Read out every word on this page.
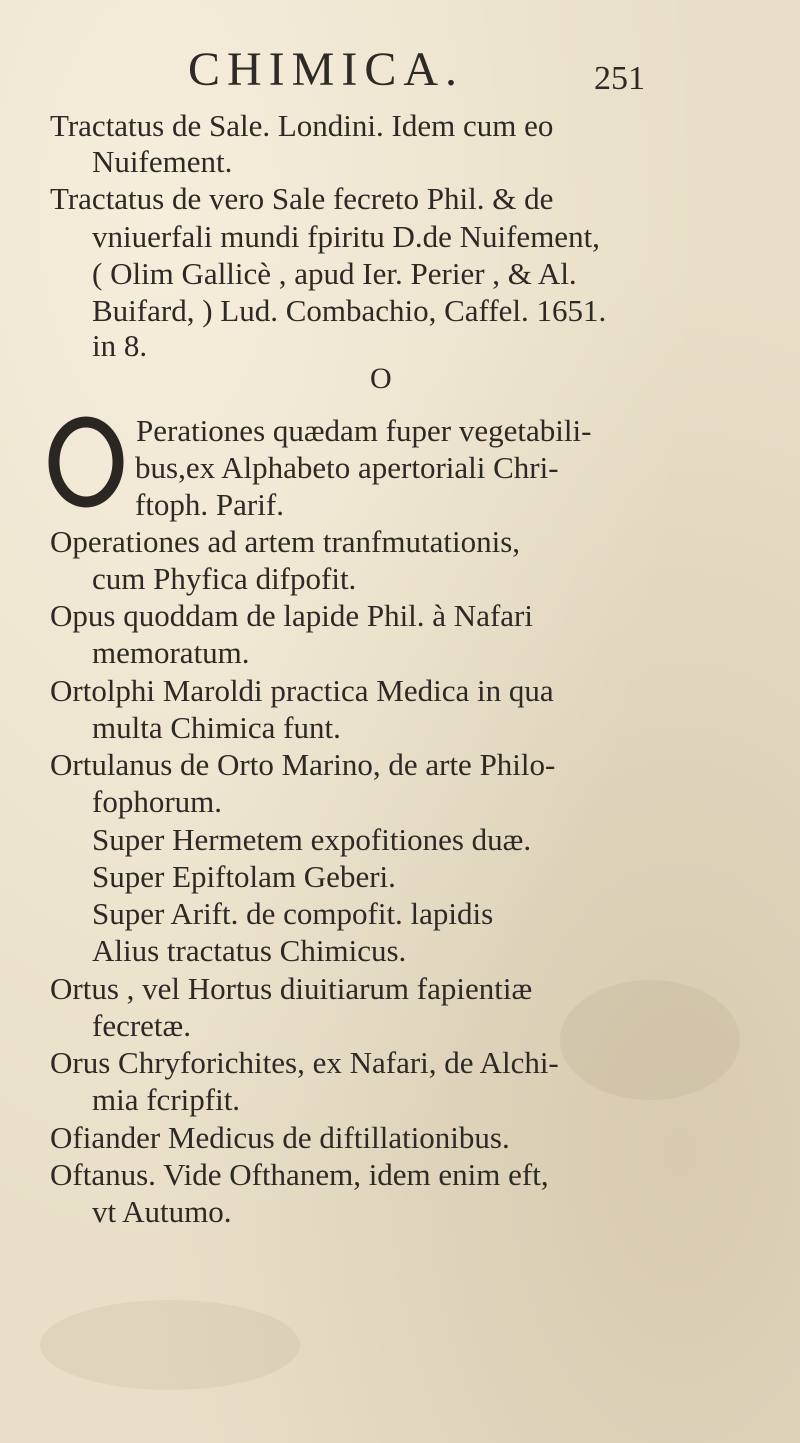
CHIMICA.	251
Tractatus de Sale. Londini. Idem cum eo
Nuifement.
Tractatus de vero Sale fecreto Phil. & de
vniuerfali mundi fpiritu D.de Nuifement,
( Olim Gallicè , apud Ier. Perier , & Al.
Buifard, ) Lud. Combachio, Caffel. 1651.
in 8.
O
Perationes quædam fuper vegetabili-
bus,ex Alphabeto apertoriali Chri-
ftoph. Parif.
Operationes ad artem tranfmutationis,
cum Phyfica difpofit.
Opus quoddam de lapide Phil. à Nafari
memoratum.
Ortolphi Maroldi practica Medica in qua
multa Chimica funt.
Ortulanus de Orto Marino, de arte Philo-
fophorum.
Super Hermetem expofitiones duæ.
Super Epiftolam Geberi.
Super Arift. de compofit. lapidis
Alius tractatus Chimicus.
Ortus , vel Hortus diuitiarum fapientiæ
fecretæ.
Orus Chryforichites, ex Nafari, de Alchi-
mia fcripfit.
Ofiander Medicus de diftillationibus.
Oftanus. Vide Ofthanem, idem enim eft,
vt Autumo.
